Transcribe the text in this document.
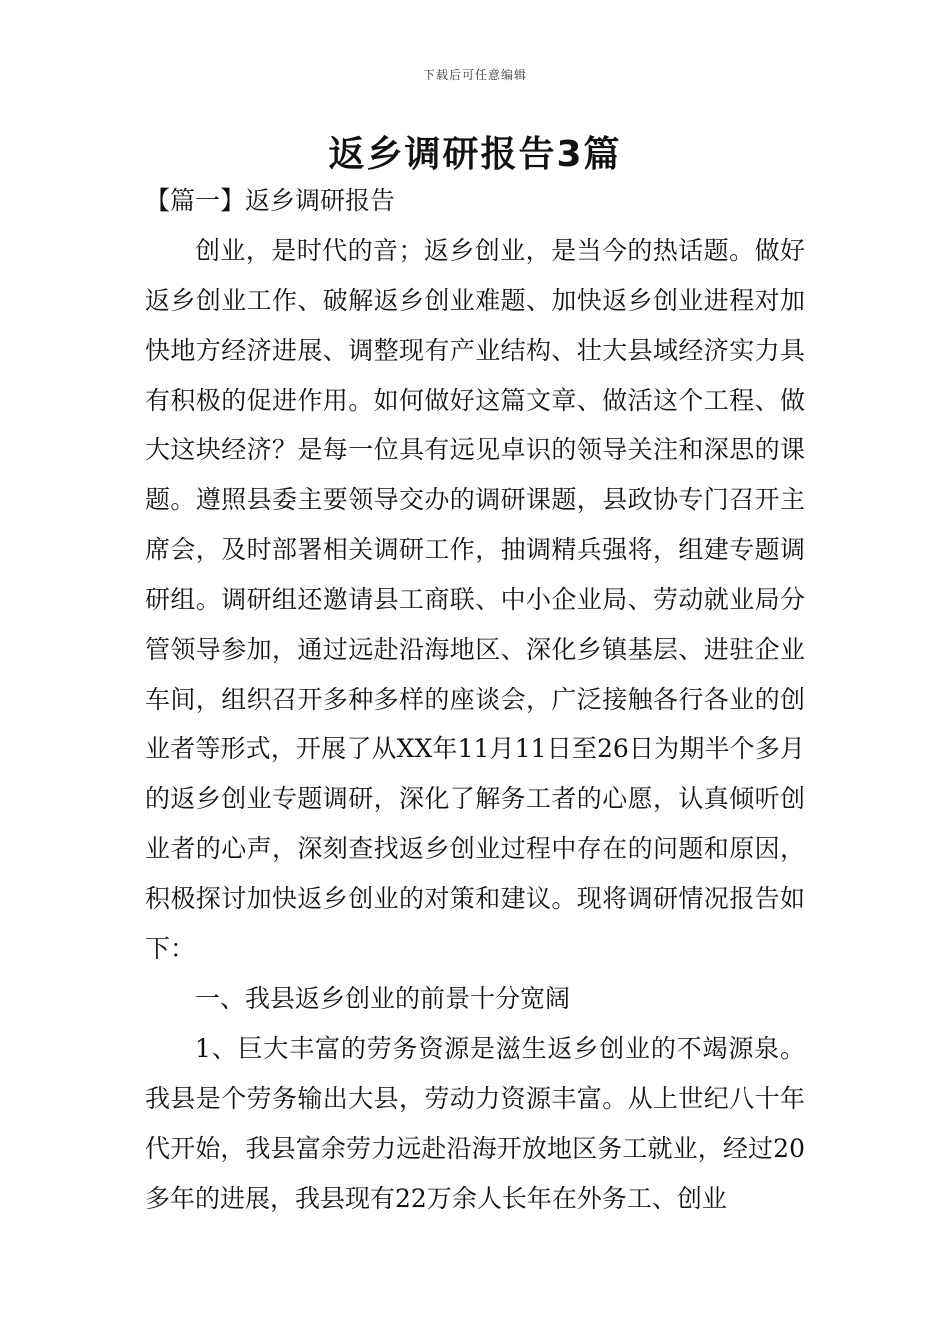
下载后可任意编辑
返乡调研报告3篇
【篇一】返乡调研报告

创业，是时代的音；返乡创业，是当今的热话题。做好返乡创业工作、破解返乡创业难题、加快返乡创业进程对加快地方经济进展、调整现有产业结构、壮大县域经济实力具有积极的促进作用。如何做好这篇文章、做活这个工程、做大这块经济？是每一位具有远见卓识的领导关注和深思的课题。遵照县委主要领导交办的调研课题，县政协专门召开主席会，及时部署相关调研工作，抽调精兵强将，组建专题调研组。调研组还邀请县工商联、中小企业局、劳动就业局分管领导参加，通过远赴沿海地区、深化乡镇基层、进驻企业车间，组织召开多种多样的座谈会，广泛接触各行各业的创业者等形式，开展了从XX年11月11日至26日为期半个多月的返乡创业专题调研，深化了解务工者的心愿，认真倾听创业者的心声，深刻查找返乡创业过程中存在的问题和原因，积极探讨加快返乡创业的对策和建议。现将调研情况报告如下：

一、我县返乡创业的前景十分宽阔

1、巨大丰富的劳务资源是滋生返乡创业的不竭源泉。我县是个劳务输出大县，劳动力资源丰富。从上世纪八十年代开始，我县富余劳力远赴沿海开放地区务工就业，经过20多年的进展，我县现有22万余人长年在外务工、创业
